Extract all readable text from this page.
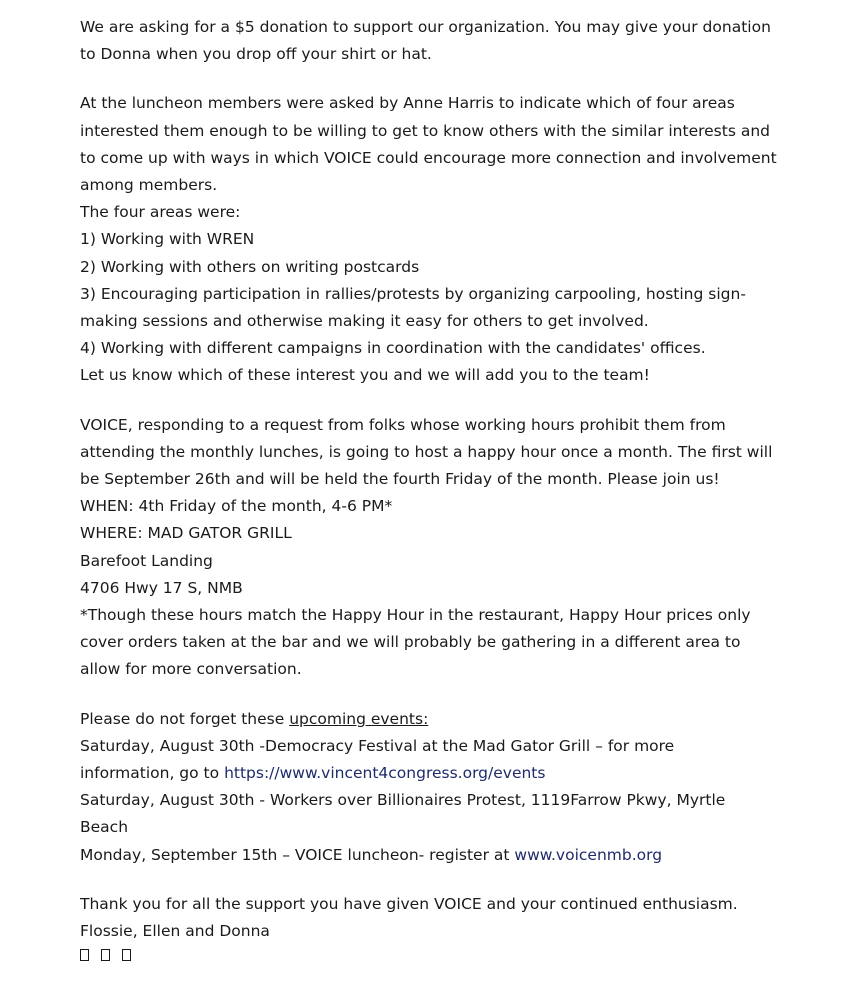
We are asking for a $5 donation to support our organization. You may give your donation
to Donna when you drop off your shirt or hat.

At the luncheon members were asked by Anne Harris to indicate which of four areas
interested them enough to be willing to get to know others with the similar interests and
to come up with ways in which VOICE could encourage more connection and involvement
among members.
The four areas were:
1) Working with WREN
2) Working with others on writing postcards
3) Encouraging participation in rallies/protests by organizing carpooling, hosting sign-
making sessions and otherwise making it easy for others to get involved.
4) Working with different campaigns in coordination with the candidates' offices.
Let us know which of these interest you and we will add you to the team!

VOICE, responding to a request from folks whose working hours prohibit them from
attending the monthly lunches, is going to host a happy hour once a month. The first will
be September 26th and will be held the fourth Friday of the month. Please join us!
WHEN: 4th Friday of the month, 4-6 PM*
WHERE: MAD GATOR GRILL
Barefoot Landing
4706 Hwy 17 S, NMB
*Though these hours match the Happy Hour in the restaurant, Happy Hour prices only
cover orders taken at the bar and we will probably be gathering in a different area to
allow for more conversation.

Please do not forget these upcoming events:
Saturday, August 30th -Democracy Festival at the Mad Gator Grill – for more
information, go to https://www.vincent4congress.org/events
Saturday, August 30th - Workers over Billionaires Protest, 1119Farrow Pkwy, Myrtle
Beach
Monday, September 15th – VOICE luncheon- register at www.voicenmb.org

Thank you for all the support you have given VOICE and your continued enthusiasm.
Flossie, Ellen and Donna
